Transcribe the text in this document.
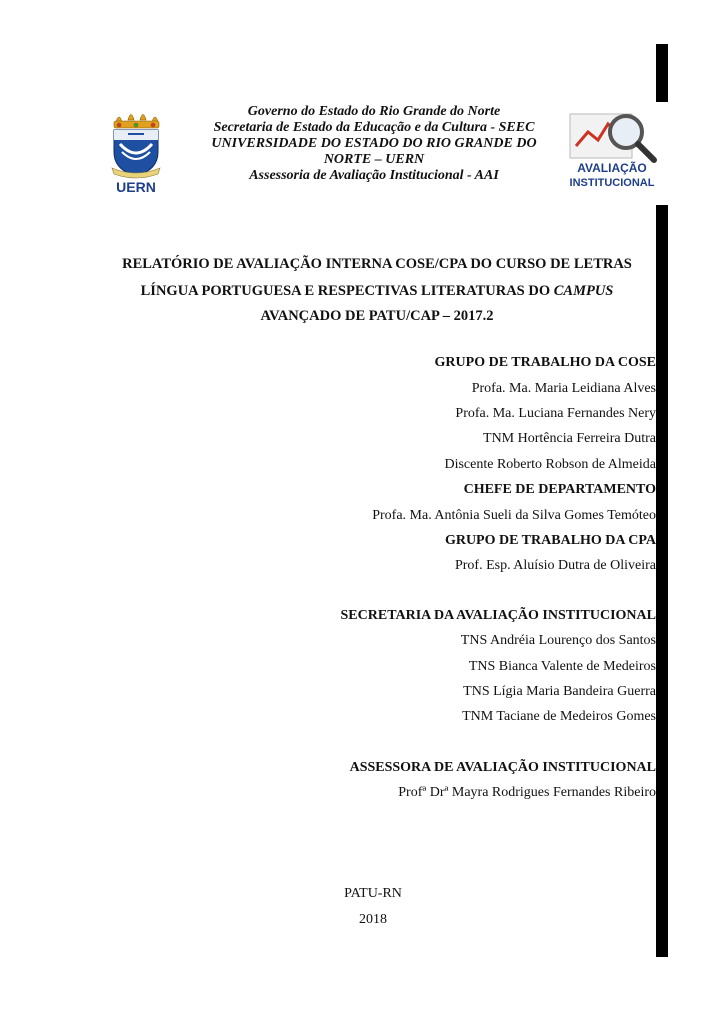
UERN
AVALIAÇÃO
INSTITUCIONAL
Governo do Estado do Rio Grande do Norte
Secretaria de Estado da Educação e da Cultura - SEEC
UNIVERSIDADE DO ESTADO DO RIO GRANDE DO
NORTE – UERN
Assessoria de Avaliação Institucional - AAI
RELATÓRIO DE AVALIAÇÃO INTERNA COSE/CPA DO CURSO DE LETRAS
LÍNGUA PORTUGUESA E RESPECTIVAS LITERATURAS DO CAMPUS
AVANÇADO DE PATU/CAP – 2017.2
GRUPO DE TRABALHO DA COSE
Profa. Ma. Maria Leidiana Alves
Profa. Ma. Luciana Fernandes Nery
TNM Hortência Ferreira Dutra
Discente Roberto Robson de Almeida
CHEFE DE DEPARTAMENTO
Profa. Ma. Antônia Sueli da Silva Gomes Temóteo
GRUPO DE TRABALHO DA CPA
Prof. Esp. Aluísio Dutra de Oliveira
SECRETARIA DA AVALIAÇÃO INSTITUCIONAL
TNS Andréia Lourenço dos Santos
TNS Bianca Valente de Medeiros
TNS Lígia Maria Bandeira Guerra
TNM Taciane de Medeiros Gomes
ASSESSORA DE AVALIAÇÃO INSTITUCIONAL
Profª Drª Mayra Rodrigues Fernandes Ribeiro
PATU-RN
2018
